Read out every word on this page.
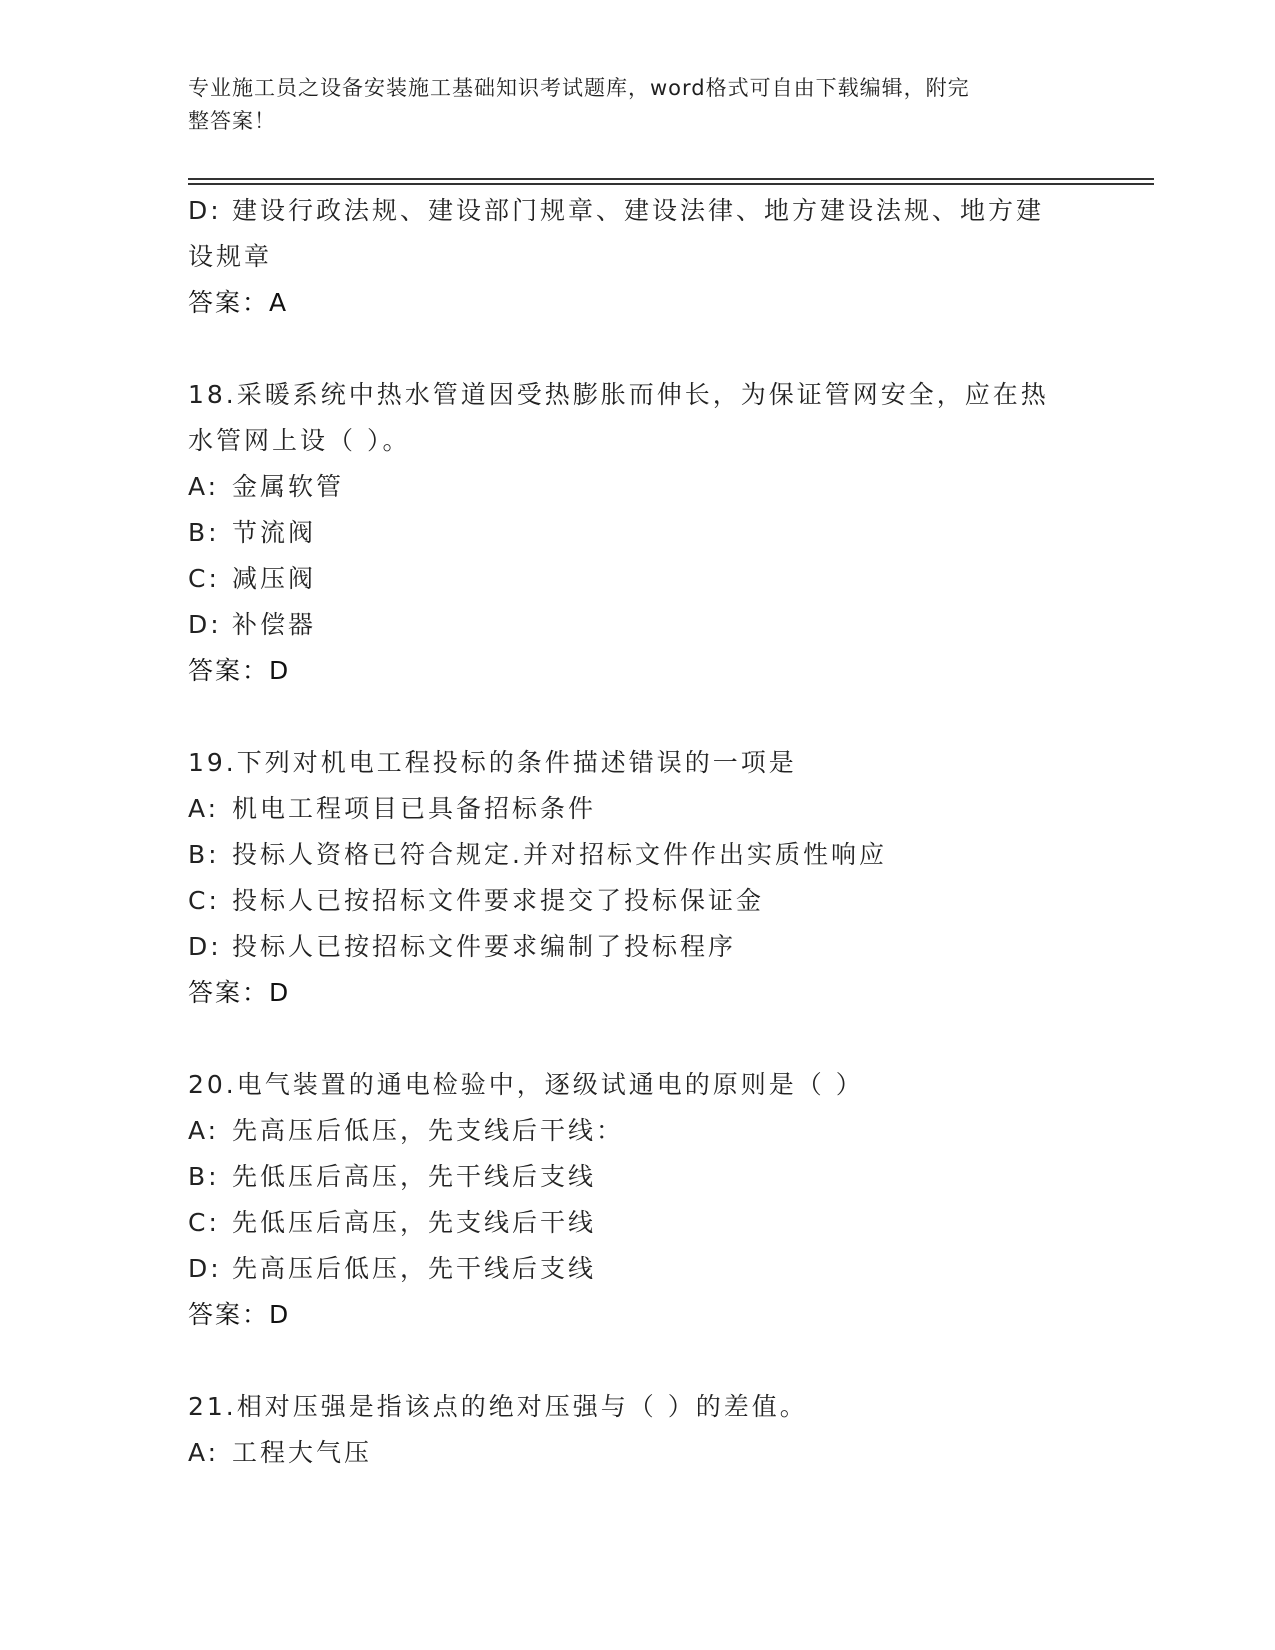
专业施工员之设备安装施工基础知识考试题库，word格式可自由下载编辑，附完
整答案！
D: 建设行政法规、建设部门规章、建设法律、地方建设法规、地方建
设规章
答案：A
18.采暖系统中热水管道因受热膨胀而伸长，为保证管网安全，应在热
水管网上设（ ）。
A: 金属软管
B: 节流阀
C: 减压阀
D: 补偿器
答案：D
19.下列对机电工程投标的条件描述错误的一项是
A: 机电工程项目已具备招标条件
B: 投标人资格已符合规定.并对招标文件作出实质性响应
C: 投标人已按招标文件要求提交了投标保证金
D: 投标人已按招标文件要求编制了投标程序
答案：D
20.电气装置的通电检验中，逐级试通电的原则是（ ）
A: 先高压后低压，先支线后干线：
B: 先低压后高压，先干线后支线
C: 先低压后高压，先支线后干线
D: 先高压后低压，先干线后支线
答案：D
21.相对压强是指该点的绝对压强与（ ）的差值。
A: 工程大气压
